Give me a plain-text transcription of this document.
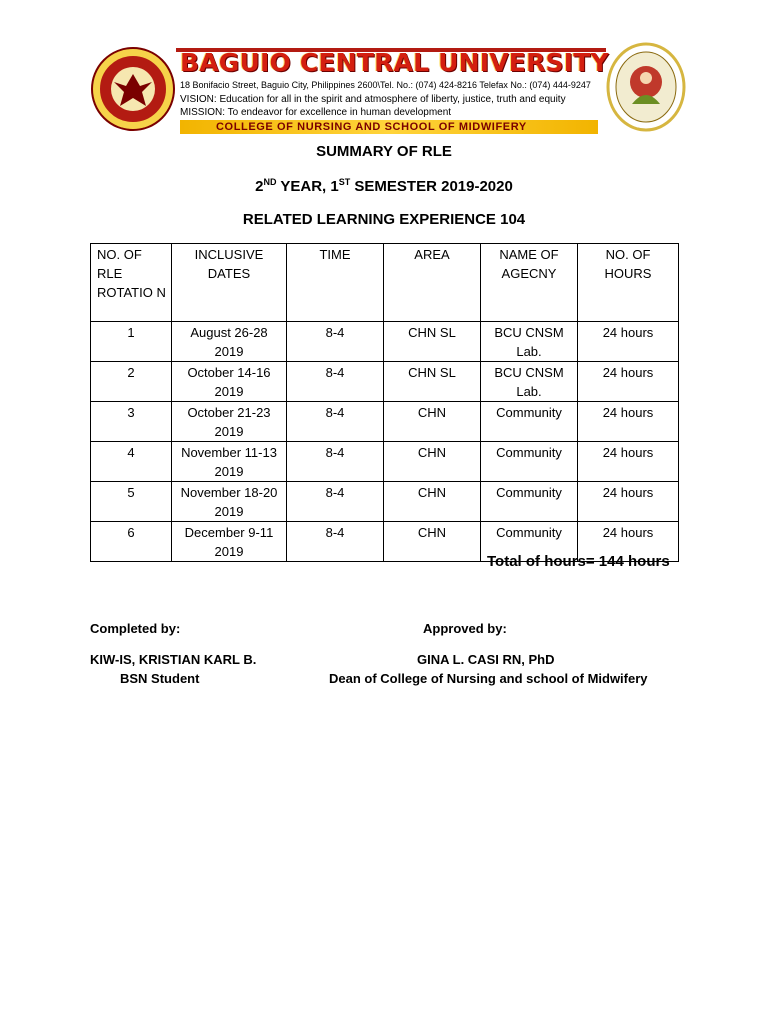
BAGUIO CENTRAL UNIVERSITY
18 Bonifacio Street, Baguio City, Philippines 2600\Tel. No.: (074) 424-8216 Telefax No.: (074) 444-9247
VISION: Education for all in the spirit and atmosphere of liberty, justice, truth and equity
MISSION: To endeavor for excellence in human development
COLLEGE OF NURSING AND SCHOOL OF MIDWIFERY
SUMMARY OF RLE
2ND YEAR, 1ST SEMESTER 2019-2020
RELATED LEARNING EXPERIENCE 104
NO. OF RLE ROTATIO N	INCLUSIVE DATES	TIME	AREA	NAME OF AGECNY	NO. OF HOURS
1	August 26-28 2019	8-4	CHN SL	BCU CNSM Lab.	24 hours
2	October 14-16 2019	8-4	CHN SL	BCU CNSM Lab.	24 hours
3	October 21-23 2019	8-4	CHN	Community	24 hours
4	November 11-13 2019	8-4	CHN	Community	24 hours
5	November 18-20 2019	8-4	CHN	Community	24 hours
6	December 9-11 2019	8-4	CHN	Community	24 hours
Total of hours= 144 hours
Completed by:	Approved by:
KIW-IS, KRISTIAN KARL B.
BSN Student
GINA L. CASI RN, PhD
Dean of College of Nursing and school of Midwifery
